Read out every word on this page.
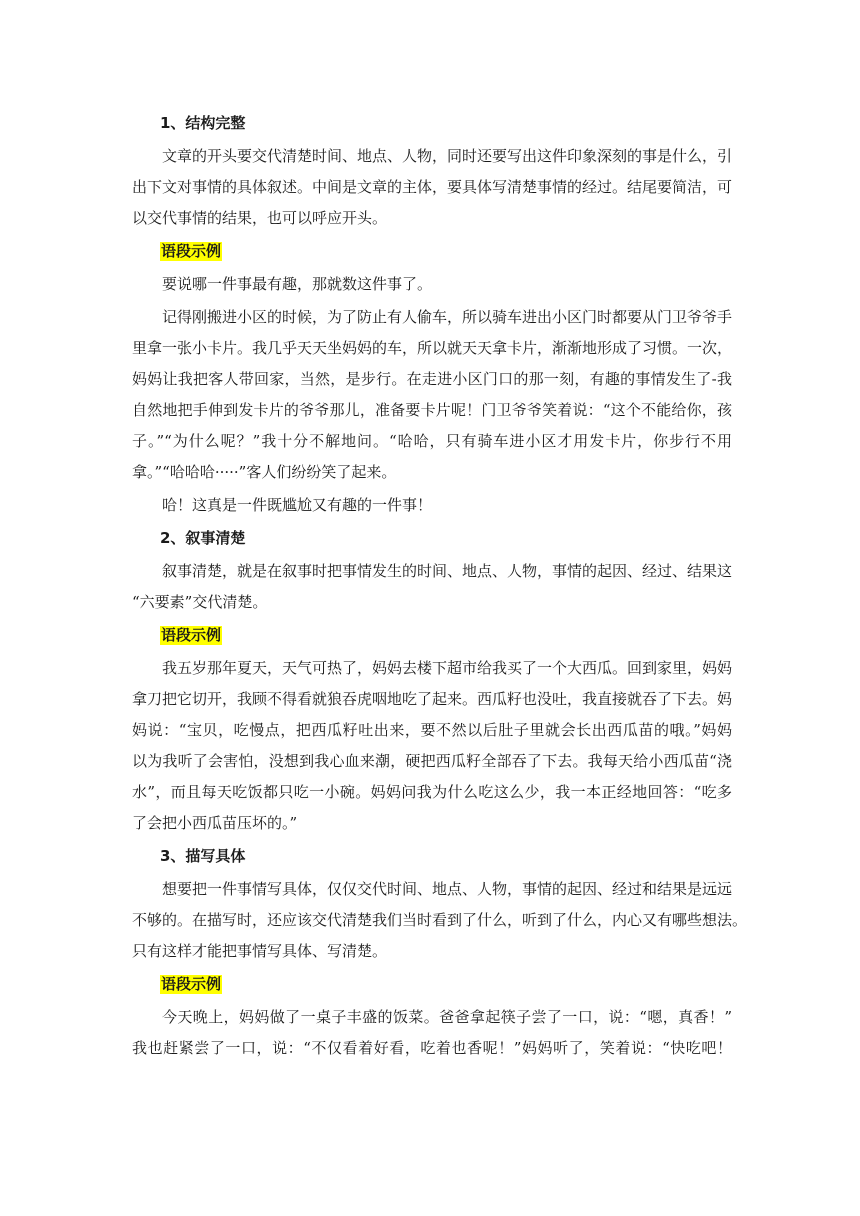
1、结构完整
文章的开头要交代清楚时间、地点、人物，同时还要写出这件印象深刻的事是什么，引
出下文对事情的具体叙述。中间是文章的主体，要具体写清楚事情的经过。结尾要简洁，可
以交代事情的结果，也可以呼应开头。
语段示例
要说哪一件事最有趣，那就数这件事了。
记得刚搬进小区的时候，为了防止有人偷车，所以骑车进出小区门时都要从门卫爷爷手
里拿一张小卡片。我几乎天天坐妈妈的车，所以就天天拿卡片，渐渐地形成了习惯。一次，
妈妈让我把客人带回家，当然，是步行。在走进小区门口的那一刻，有趣的事情发生了-我
自然地把手伸到发卡片的爷爷那儿，准备要卡片呢！门卫爷爷笑着说：“这个不能给你，孩
子。”“为什么呢？”我十分不解地问。“哈哈，只有骑车进小区才用发卡片，你步行不用
拿。”“哈哈哈·····”客人们纷纷笑了起来。
哈！这真是一件既尴尬又有趣的一件事！
2、叙事清楚
叙事清楚，就是在叙事时把事情发生的时间、地点、人物，事情的起因、经过、结果这
“六要素”交代清楚。
语段示例
我五岁那年夏天，天气可热了，妈妈去楼下超市给我买了一个大西瓜。回到家里，妈妈
拿刀把它切开，我顾不得看就狼吞虎咽地吃了起来。西瓜籽也没吐，我直接就吞了下去。妈
妈说：“宝贝，吃慢点，把西瓜籽吐出来，要不然以后肚子里就会长出西瓜苗的哦。”妈妈
以为我听了会害怕，没想到我心血来潮，硬把西瓜籽全部吞了下去。我每天给小西瓜苗“浇
水”，而且每天吃饭都只吃一小碗。妈妈问我为什么吃这么少，我一本正经地回答：“吃多
了会把小西瓜苗压坏的。”
3、描写具体
想要把一件事情写具体，仅仅交代时间、地点、人物，事情的起因、经过和结果是远远
不够的。在描写时，还应该交代清楚我们当时看到了什么，听到了什么，内心又有哪些想法。
只有这样才能把事情写具体、写清楚。
语段示例
今天晚上，妈妈做了一桌子丰盛的饭菜。爸爸拿起筷子尝了一口，说：“嗯，真香！”
我也赶紧尝了一口，说：“不仅看着好看，吃着也香呢！”妈妈听了，笑着说：“快吃吧！
